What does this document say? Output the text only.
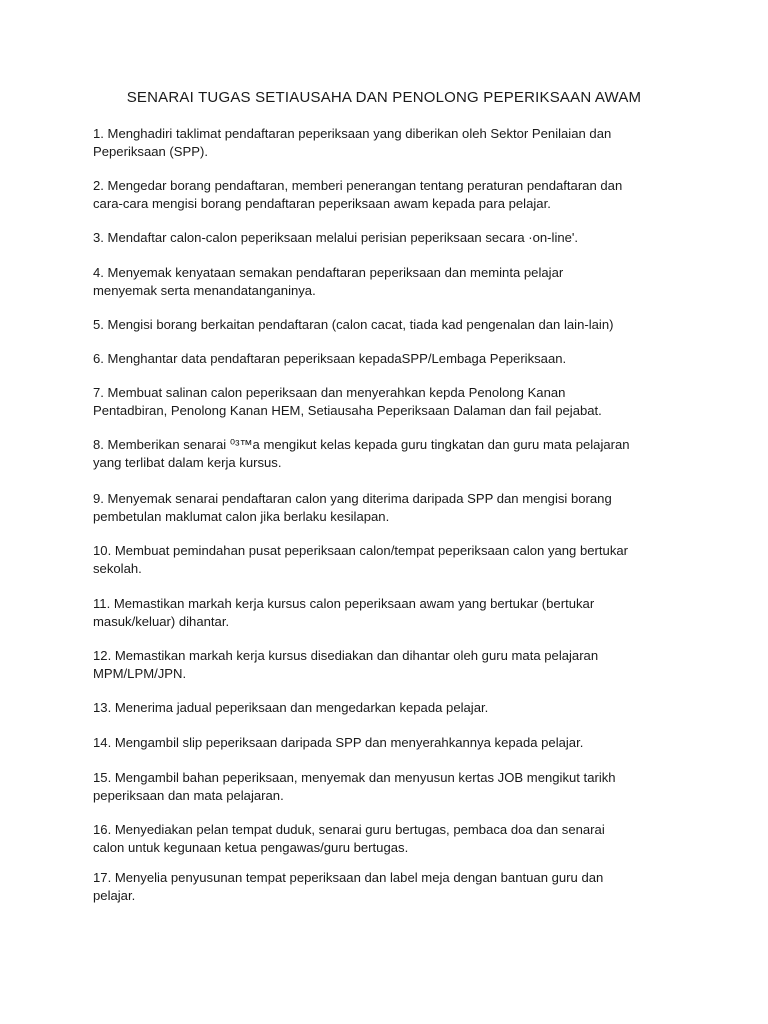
SENARAI TUGAS SETIAUSAHA DAN PENOLONG PEPERIKSAAN AWAM
1. Menghadiri taklimat pendaftaran peperiksaan yang diberikan oleh Sektor Penilaian dan
Peperiksaan (SPP).
2. Mengedar borang pendaftaran, memberi penerangan tentang peraturan pendaftaran dan
cara-cara mengisi borang pendaftaran peperiksaan awam kepada para pelajar.
3. Mendaftar calon-calon peperiksaan melalui perisian peperiksaan secara ·on-line'.
4. Menyemak kenyataan semakan pendaftaran peperiksaan dan meminta pelajar
menyemak serta menandatanganinya.
5. Mengisi borang berkaitan pendaftaran (calon cacat, tiada kad pengenalan dan lain-lain)
6. Menghantar data pendaftaran peperiksaan kepadaSPP/Lembaga Peperiksaan.
7. Membuat salinan calon peperiksaan dan menyerahkan kepda Penolong Kanan
Pentadbiran, Penolong Kanan HEM, Setiausaha Peperiksaan Dalaman dan fail pejabat.
8. Memberikan senarai ⁰³™a mengikut kelas kepada guru tingkatan dan guru mata pelajaran
yang terlibat dalam kerja kursus.
9. Menyemak senarai pendaftaran calon yang diterima daripada SPP dan mengisi borang
pembetulan maklumat calon jika berlaku kesilapan.
10. Membuat pemindahan pusat peperiksaan calon/tempat peperiksaan calon yang bertukar
sekolah.
11. Memastikan markah kerja kursus calon peperiksaan awam yang bertukar (bertukar
masuk/keluar) dihantar.
12. Memastikan markah kerja kursus disediakan dan dihantar oleh guru mata pelajaran
MPM/LPM/JPN.
13. Menerima jadual peperiksaan dan mengedarkan kepada pelajar.
14. Mengambil slip peperiksaan daripada SPP dan menyerahkannya kepada pelajar.
15. Mengambil bahan peperiksaan, menyemak dan menyusun kertas JOB mengikut tarikh
peperiksaan dan mata pelajaran.
16. Menyediakan pelan tempat duduk, senarai guru bertugas, pembaca doa dan senarai
calon untuk kegunaan ketua pengawas/guru bertugas.
17. Menyelia penyusunan tempat peperiksaan dan label meja dengan bantuan guru dan
pelajar.
